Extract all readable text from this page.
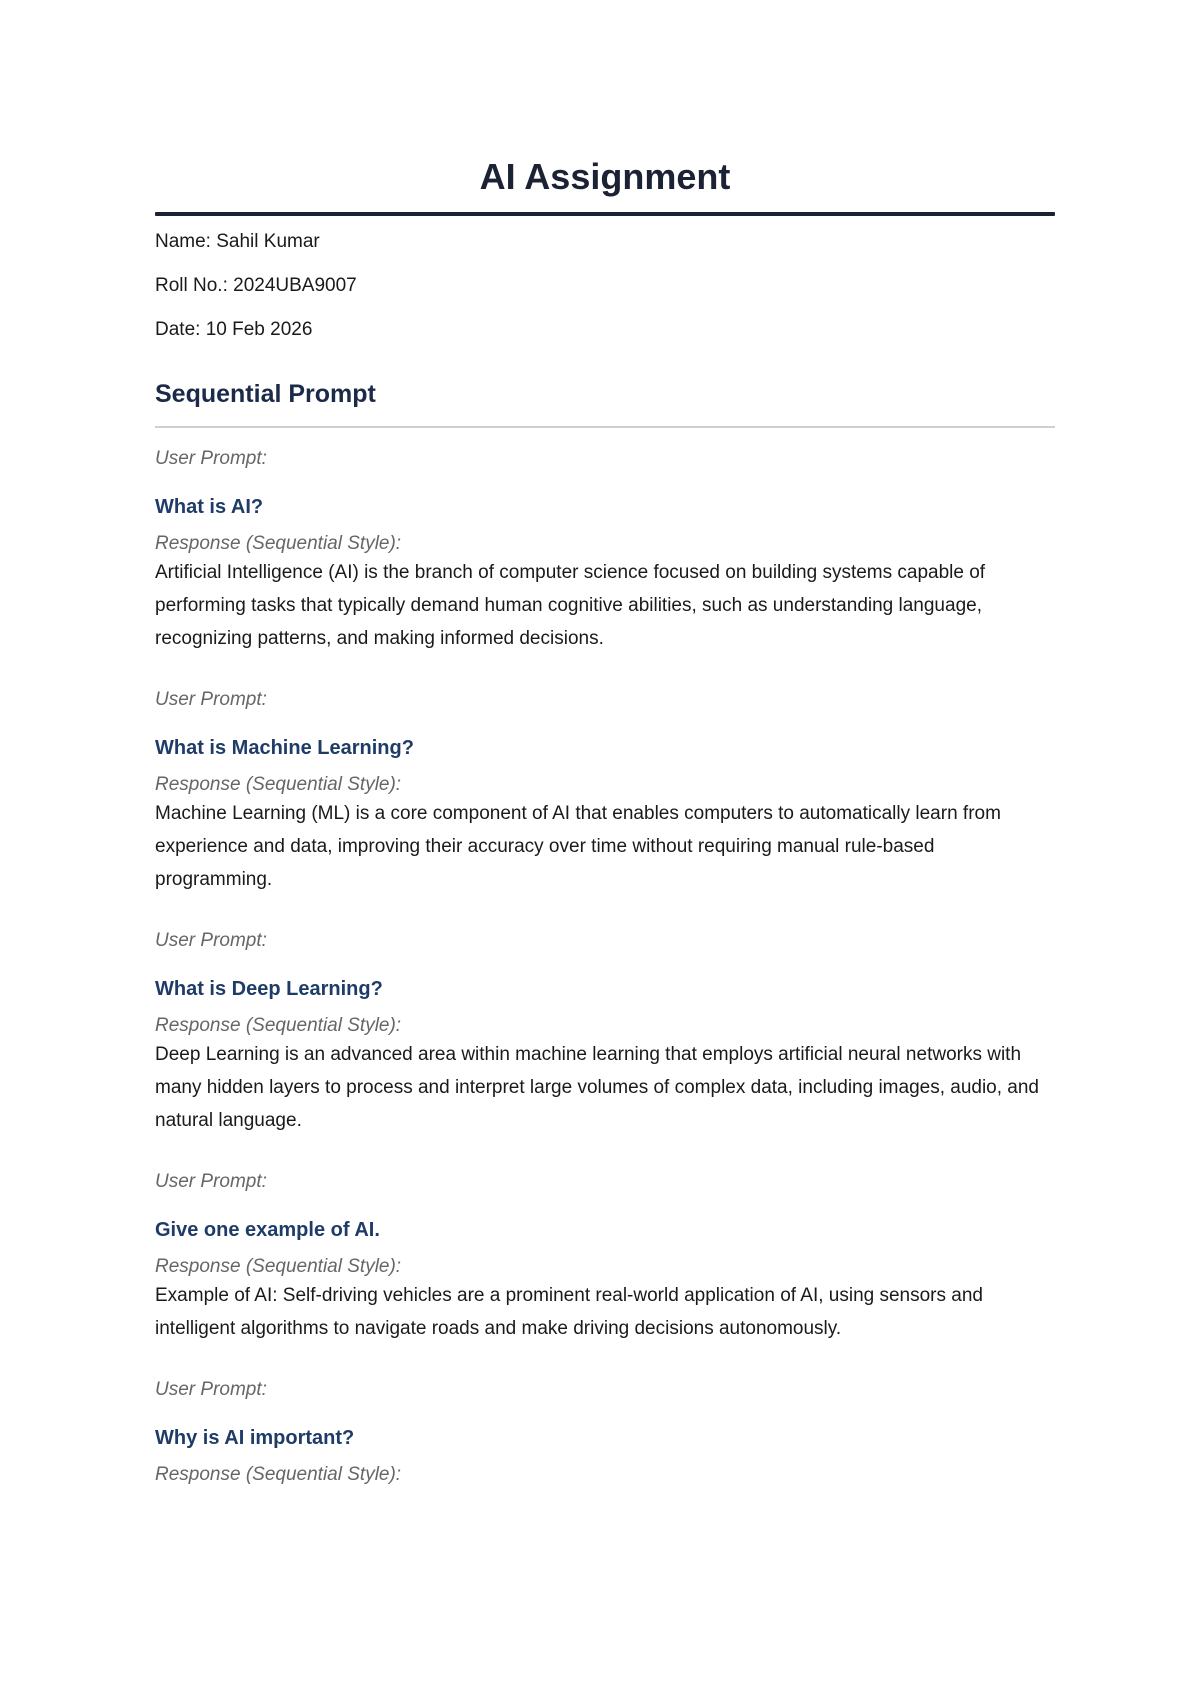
AI Assignment
Name: Sahil Kumar
Roll No.: 2024UBA9007
Date: 10 Feb 2026
Sequential Prompt
User Prompt:
What is AI?
Response (Sequential Style):

Artificial Intelligence (AI) is the branch of computer science focused on building systems capable of performing tasks that typically demand human cognitive abilities, such as understanding language, recognizing patterns, and making informed decisions.

User Prompt:
What is Machine Learning?
Response (Sequential Style):

Machine Learning (ML) is a core component of AI that enables computers to automatically learn from experience and data, improving their accuracy over time without requiring manual rule-based programming.

User Prompt:
What is Deep Learning?
Response (Sequential Style):

Deep Learning is an advanced area within machine learning that employs artificial neural networks with many hidden layers to process and interpret large volumes of complex data, including images, audio, and natural language.

User Prompt:
Give one example of AI.
Response (Sequential Style):

Example of AI: Self-driving vehicles are a prominent real-world application of AI, using sensors and intelligent algorithms to navigate roads and make driving decisions autonomously.

User Prompt:
Why is AI important?
Response (Sequential Style):
